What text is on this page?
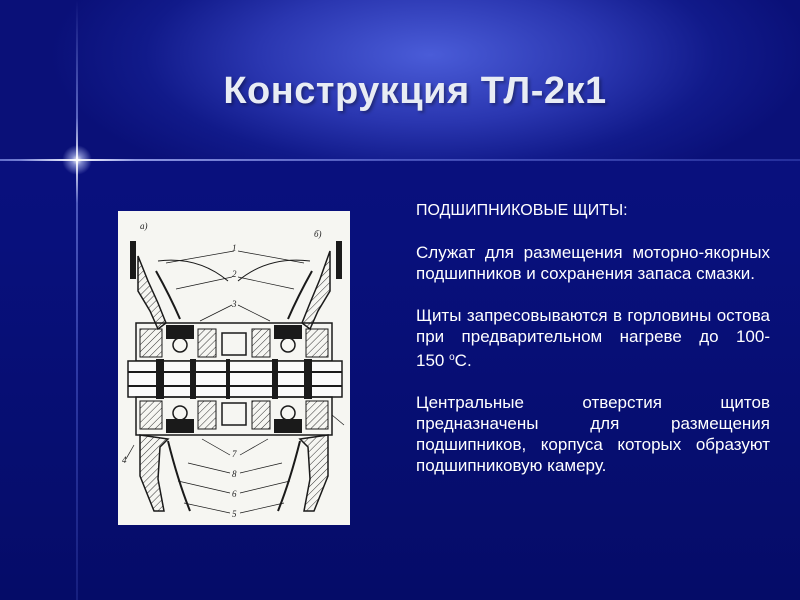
Конструкция ТЛ-2к1
а)
б)
1
2
3
4
5
6
7
8

ПОДШИПНИКОВЫЕ ЩИТЫ:

Служат для размещения моторно-якорных подшипников и сохранения запаса смазки.

Щиты запресовываются в горловины остова при предварительном нагреве до 100-150 $^о$С.

Центральные отверстия щитов предназначены для размещения подшипников, корпуса которых образуют подшипниковую камеру.
